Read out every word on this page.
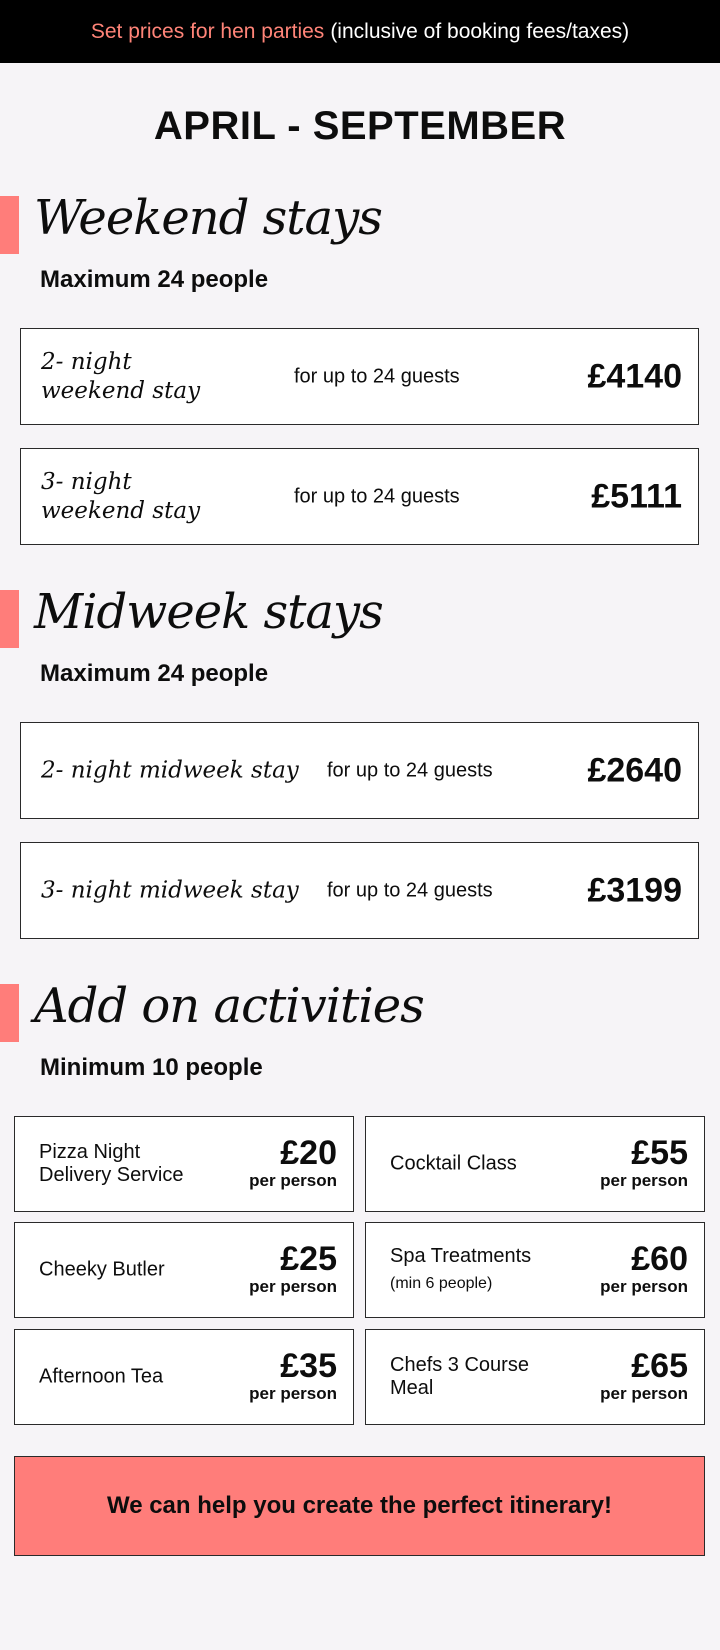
Set prices for hen parties (inclusive of booking fees/taxes)
APRIL - SEPTEMBER
Weekend stays
Maximum 24 people
2- night weekend stay
for up to 24 guests	£4140
3- night weekend stay
for up to 24 guests	£5111
Midweek stays
Maximum 24 people
2- night midweek stay for up to 24 guests	£2640
3- night midweek stay for up to 24 guests	£3199
Add on activities
Minimum 10 people
Pizza Night Delivery Service
£20
per person
Cocktail Class	£55
per person
Cheeky Butler	£25
per person
Spa Treatments
(min 6 people)
£60
per person
Afternoon Tea	£35
per person
Chefs 3 Course Meal
£65
per person
We can help you create the perfect itinerary!
